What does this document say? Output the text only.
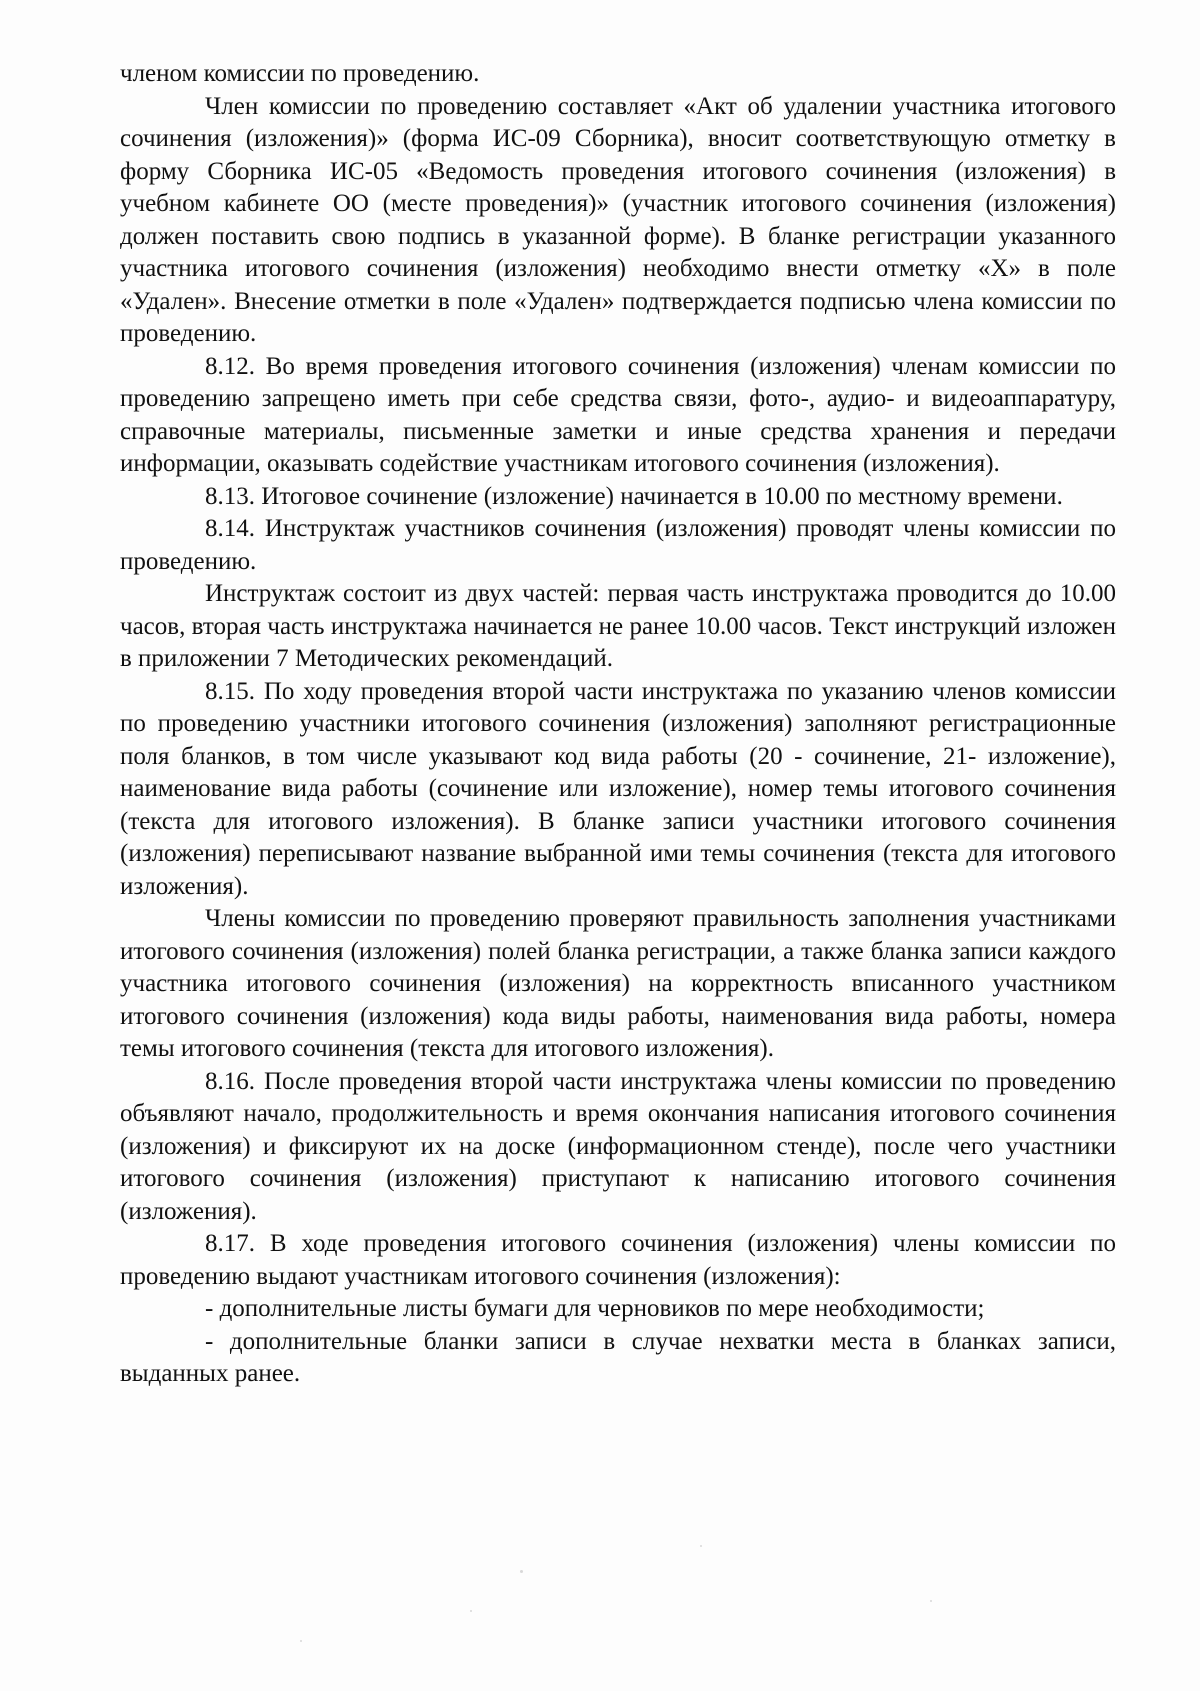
членом комиссии по проведению.

Член комиссии по проведению составляет «Акт об удалении участника итогового сочинения (изложения)» (форма ИС-09 Сборника), вносит соответствующую отметку в форму Сборника ИС-05 «Ведомость проведения итогового сочинения (изложения) в учебном кабинете ОО (месте проведения)» (участник итогового сочинения (изложения) должен поставить свою подпись в указанной форме). В бланке регистрации указанного участника итогового сочинения (изложения) необходимо внести отметку «Х» в поле «Удален». Внесение отметки в поле «Удален» подтверждается подписью члена комиссии по проведению.

8.12. Во время проведения итогового сочинения (изложения) членам комиссии по проведению запрещено иметь при себе средства связи, фото-, аудио- и видеоаппаратуру, справочные материалы, письменные заметки и иные средства хранения и передачи информации, оказывать содействие участникам итогового сочинения (изложения).

8.13. Итоговое сочинение (изложение) начинается в 10.00 по местному времени.

8.14. Инструктаж участников сочинения (изложения) проводят члены комиссии по проведению.

Инструктаж состоит из двух частей: первая часть инструктажа проводится до 10.00 часов, вторая часть инструктажа начинается не ранее 10.00 часов. Текст инструкций изложен в приложении 7 Методических рекомендаций.

8.15. По ходу проведения второй части инструктажа по указанию членов комиссии по проведению участники итогового сочинения (изложения) заполняют регистрационные поля бланков, в том числе указывают код вида работы (20 - сочинение, 21- изложение), наименование вида работы (сочинение или изложение), номер темы итогового сочинения (текста для итогового изложения). В бланке записи участники итогового сочинения (изложения) переписывают название выбранной ими темы сочинения (текста для итогового изложения).

Члены комиссии по проведению проверяют правильность заполнения участниками итогового сочинения (изложения) полей бланка регистрации, а также бланка записи каждого участника итогового сочинения (изложения) на корректность вписанного участником итогового сочинения (изложения) кода виды работы, наименования вида работы, номера темы итогового сочинения (текста для итогового изложения).

8.16. После проведения второй части инструктажа члены комиссии по проведению объявляют начало, продолжительность и время окончания написания итогового сочинения (изложения) и фиксируют их на доске (информационном стенде), после чего участники итогового сочинения (изложения) приступают к написанию итогового сочинения (изложения).

8.17. В ходе проведения итогового сочинения (изложения) члены комиссии по проведению выдают участникам итогового сочинения (изложения):

- дополнительные листы бумаги для черновиков по мере необходимости;

- дополнительные бланки записи в случае нехватки места в бланках записи, выданных ранее.
